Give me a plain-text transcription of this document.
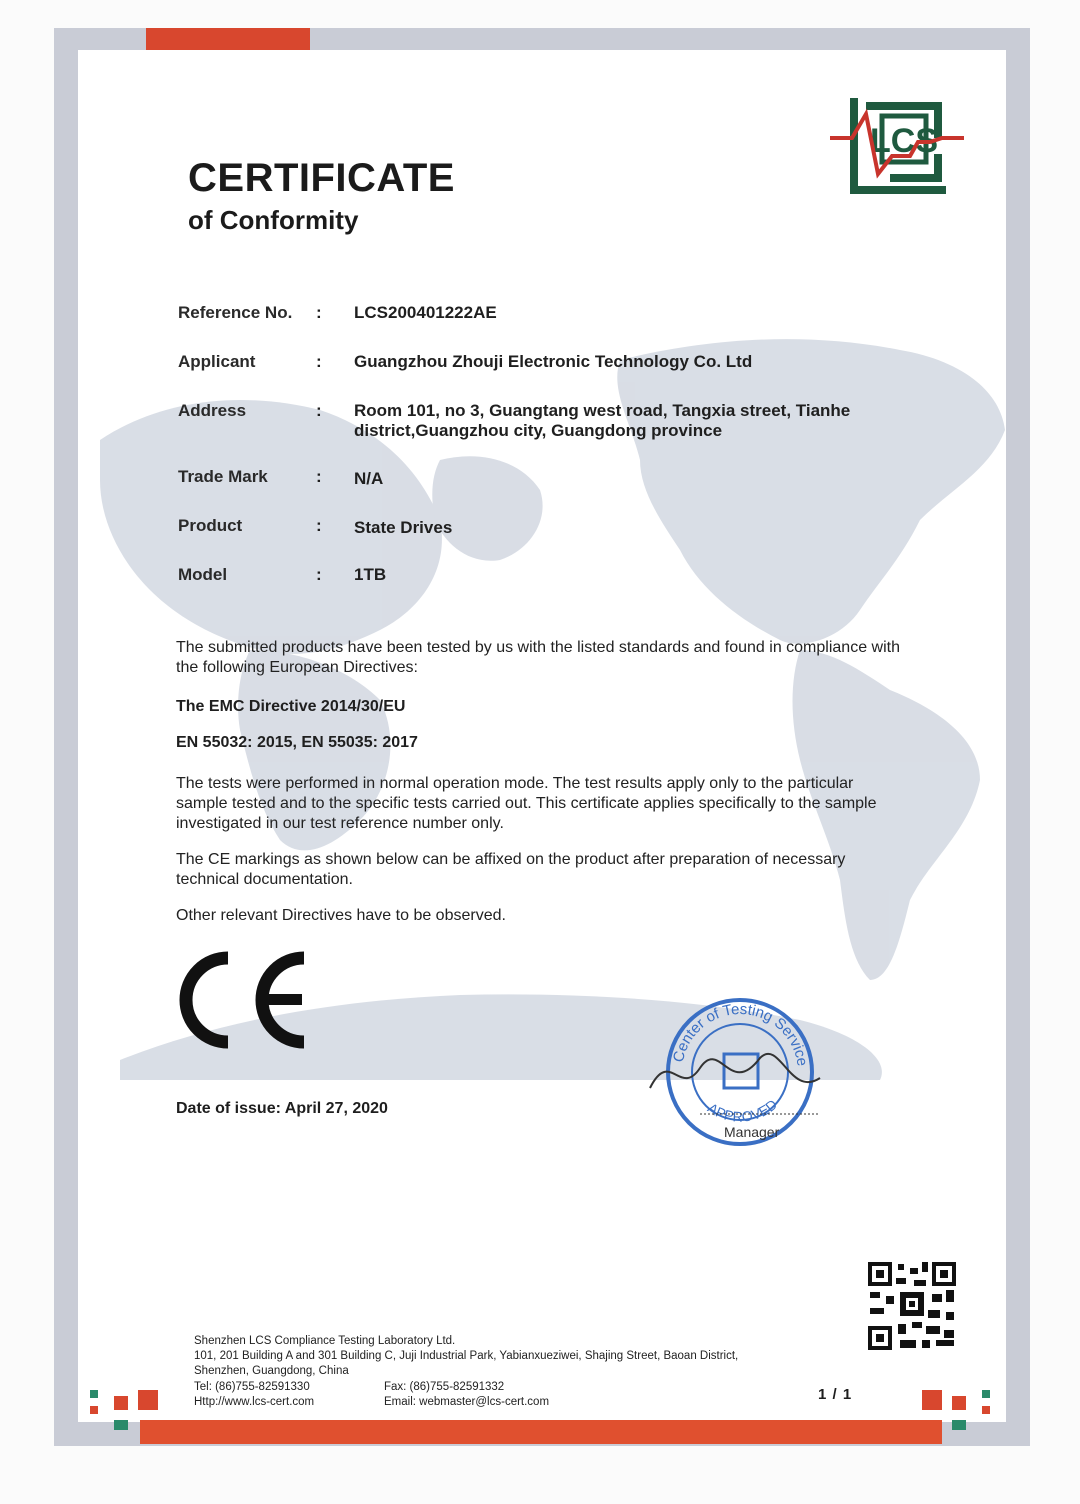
LCS
CERTIFICATE
of Conformity
Reference No. : LCS200401222AE
Applicant	: Guangzhou Zhouji Electronic Technology Co. Ltd
Address	: Room 101, no 3, Guangtang west road, Tangxia street, Tianhe
district,Guangzhou city, Guangdong province
Trade Mark	: N/A
Product	: State Drives
Model	: 1TB
The submitted products have been tested by us with the listed standards and found in compliance with
the following European Directives:
The EMC Directive 2014/30/EU
EN 55032: 2015, EN 55035: 2017
The tests were performed in normal operation mode. The test results apply only to the particular
sample tested and to the specific tests carried out. This certificate applies specifically to the sample
investigated in our test reference number only.
The CE markings as shown below can be affixed on the product after preparation of necessary
technical documentation.
Other relevant Directives have to be observed.
Date of issue: April 27, 2020
Center of Testing Service
APPROVED
Manager
Shenzhen LCS Compliance Testing Laboratory Ltd.
101, 201 Building A and 301 Building C, Juji Industrial Park, Yabianxueziwei, Shajing Street, Baoan District,
Shenzhen, Guangdong, China
Tel: (86)755-82591330	Fax: (86)755-82591332
Http://www.lcs-cert.com	Email: webmaster@lcs-cert.com	1 / 1
